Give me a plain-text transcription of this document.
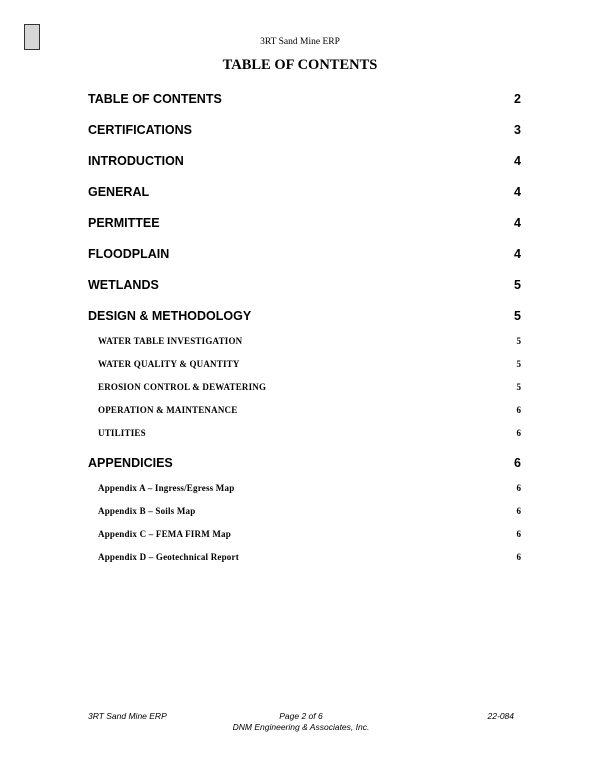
3RT Sand Mine ERP
TABLE OF CONTENTS
TABLE OF CONTENTS	2
CERTIFICATIONS	3
INTRODUCTION	4
GENERAL	4
PERMITTEE	4
FLOODPLAIN	4
WETLANDS	5
DESIGN & METHODOLOGY	5
WATER TABLE INVESTIGATION	5
WATER QUALITY & QUANTITY	5
EROSION CONTROL & DEWATERING	5
OPERATION & MAINTENANCE	6
UTILITIES	6
APPENDICIES	6
Appendix A – Ingress/Egress Map	6
Appendix B – Soils Map	6
Appendix C – FEMA FIRM Map	6
Appendix D – Geotechnical Report	6
3RT Sand Mine ERP	22-084
Page 2 of 6
DNM Engineering & Associates, Inc.
